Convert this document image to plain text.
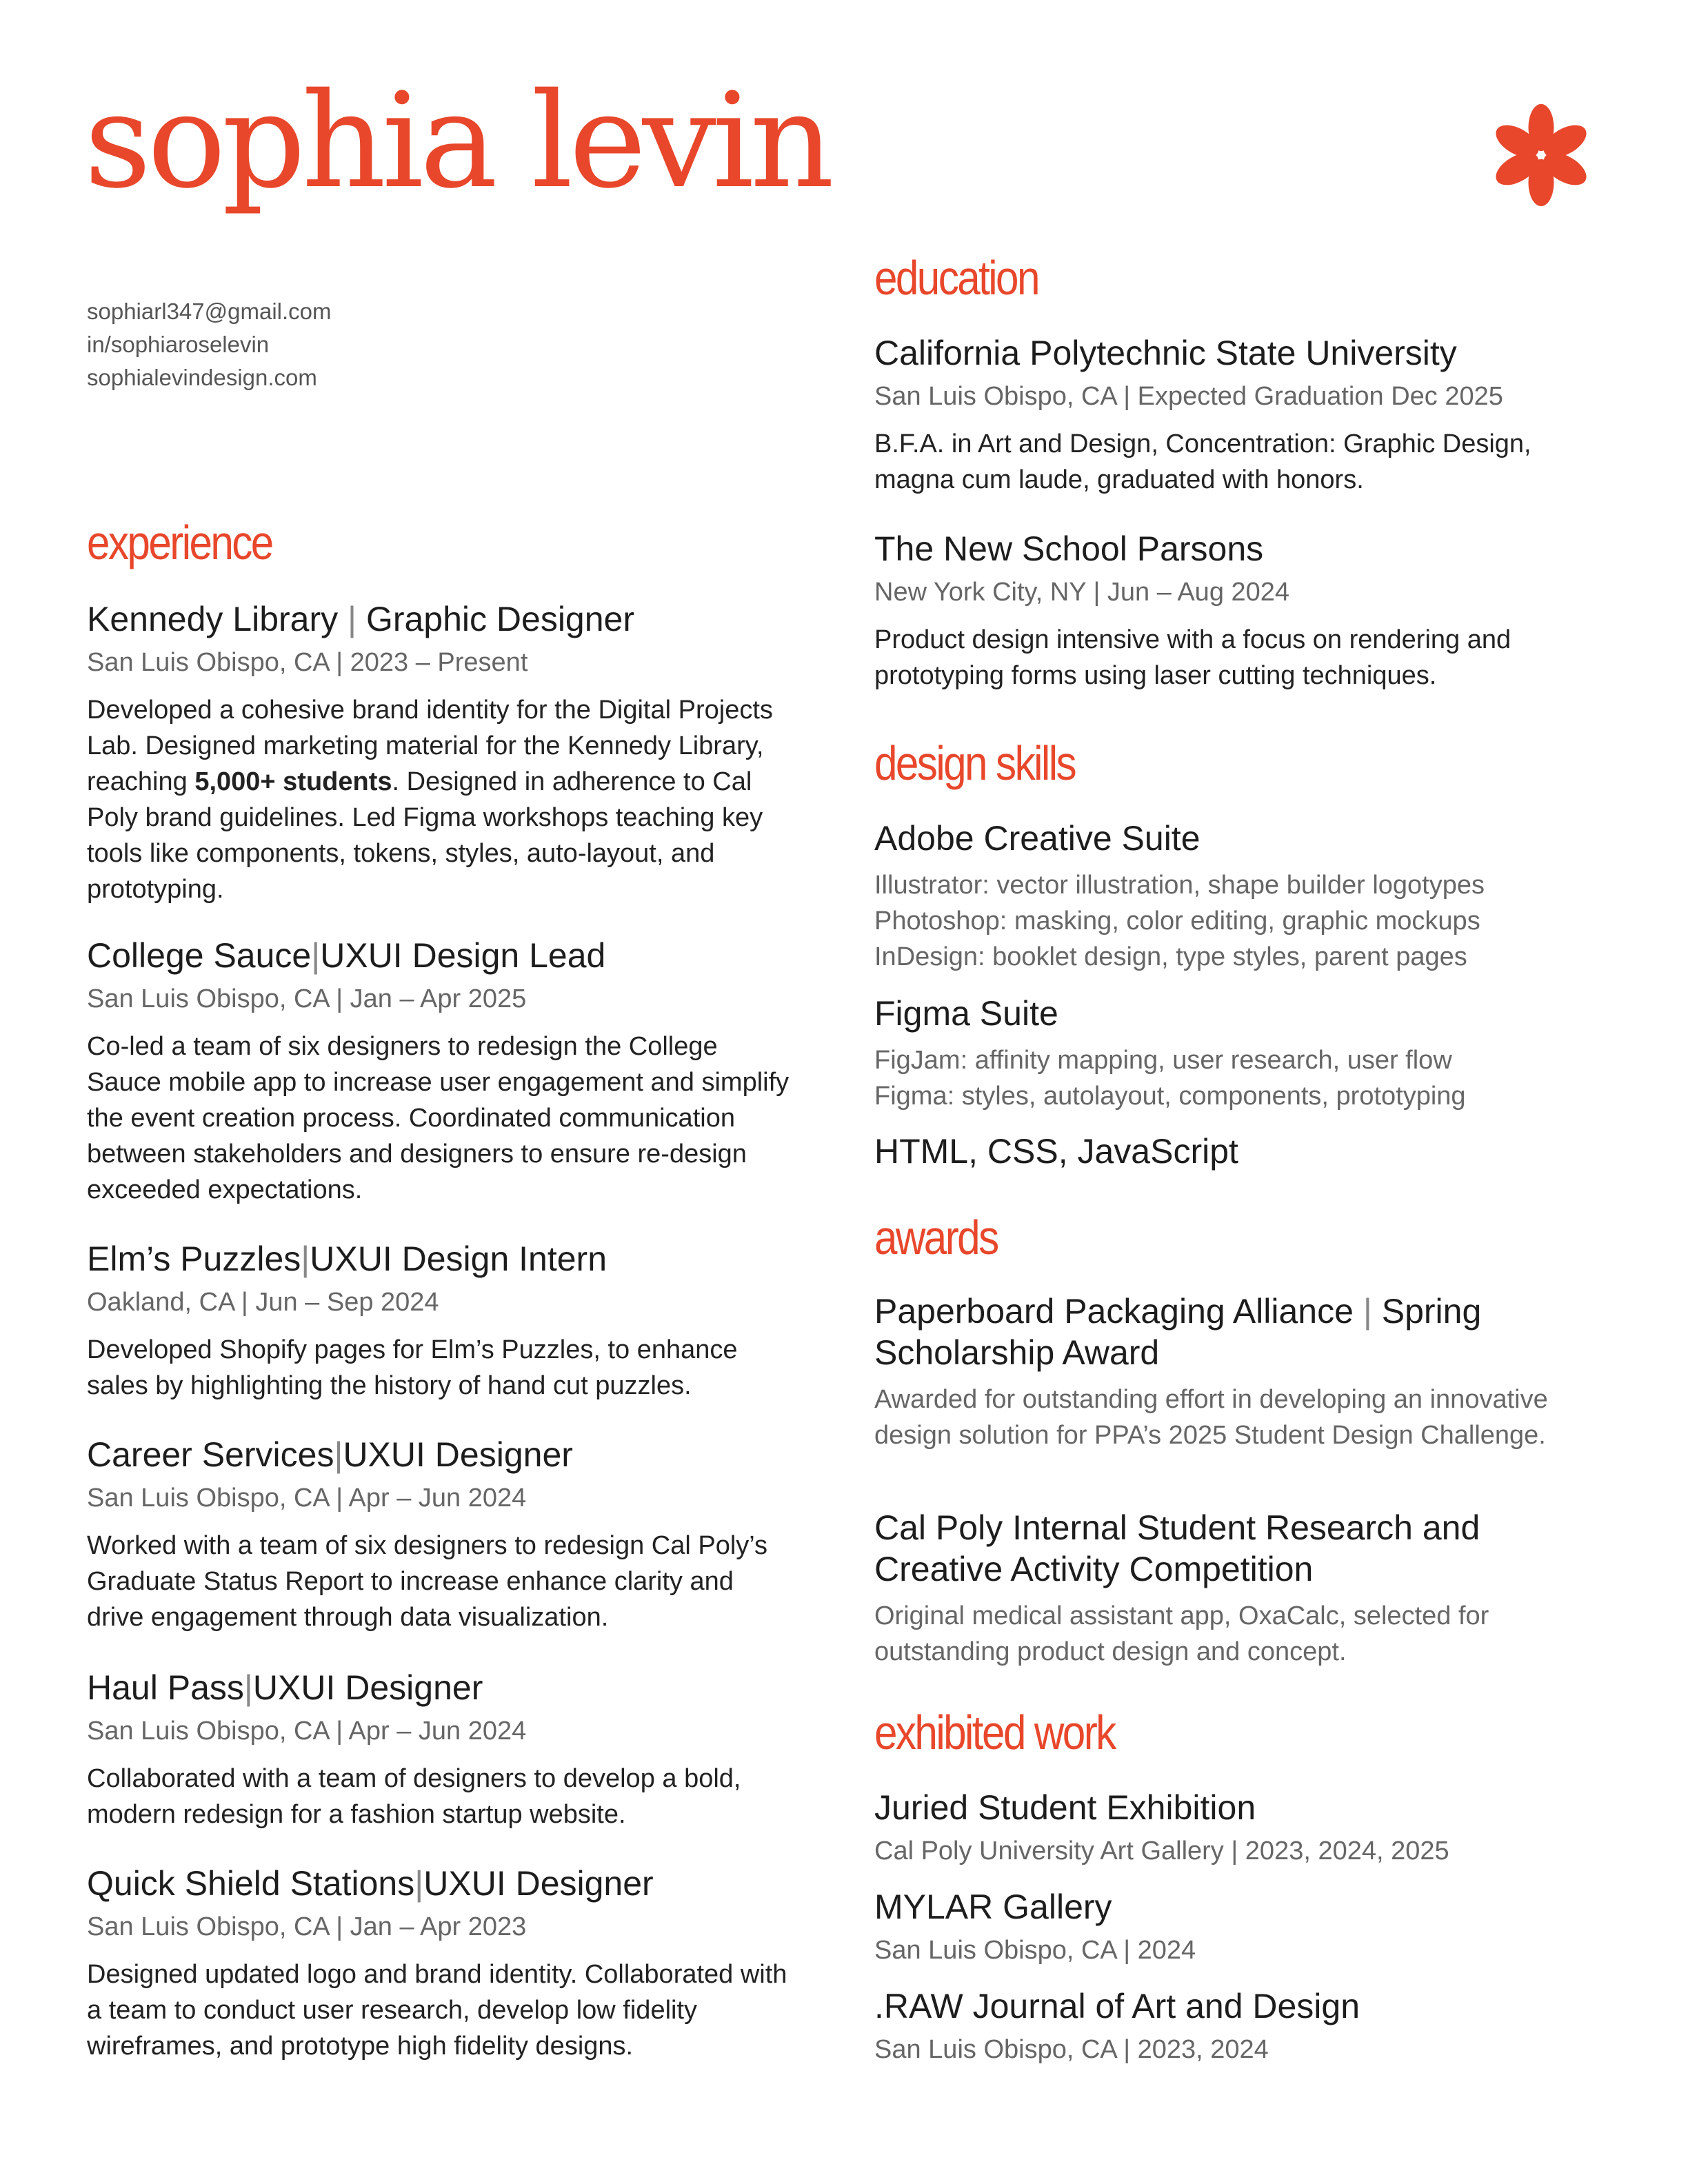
sophia levin
sophiarl347@gmail.com
in/sophiaroselevin
sophialevindesign.com
experience

Kennedy Library | Graphic Designer

San Luis Obispo, CA | 2023 – Present

Developed a cohesive brand identity for the Digital Projects Lab. Designed marketing material for the Kennedy Library, reaching 5,000+ students. Designed in adherence to Cal Poly brand guidelines. Led Figma workshops teaching key tools like components, tokens, styles, auto-layout, and prototyping.

College Sauce|UXUI Design Lead

San Luis Obispo, CA | Jan – Apr 2025

Co-led a team of six designers to redesign the College Sauce mobile app to increase user engagement and simplify the event creation process. Coordinated communication between stakeholders and designers to ensure re-design exceeded expectations.

Elm’s Puzzles|UXUI Design Intern

Oakland, CA | Jun – Sep 2024

Developed Shopify pages for Elm’s Puzzles, to enhance sales by highlighting the history of hand cut puzzles.

Career Services|UXUI Designer

San Luis Obispo, CA | Apr – Jun 2024

Worked with a team of six designers to redesign Cal Poly’s Graduate Status Report to increase enhance clarity and drive engagement through data visualization.

Haul Pass|UXUI Designer

San Luis Obispo, CA | Apr – Jun 2024

Collaborated with a team of designers to develop a bold, modern redesign for a fashion startup website.

Quick Shield Stations|UXUI Designer

San Luis Obispo, CA | Jan – Apr 2023

Designed updated logo and brand identity. Collaborated with a team to conduct user research, develop low fidelity wireframes, and prototype high fidelity designs.

education

California Polytechnic State University

San Luis Obispo, CA | Expected Graduation Dec 2025

B.F.A. in Art and Design, Concentration: Graphic Design, magna cum laude, graduated with honors.

The New School Parsons

New York City, NY | Jun – Aug 2024

Product design intensive with a focus on rendering and prototyping forms using laser cutting techniques.

design skills

Adobe Creative Suite

Illustrator: vector illustration, shape builder logotypes
Photoshop: masking, color editing, graphic mockups
InDesign: booklet design, type styles, parent pages

Figma Suite

FigJam: affinity mapping, user research, user flow
Figma: styles, autolayout, components, prototyping

HTML, CSS, JavaScript

awards

Paperboard Packaging Alliance | Spring Scholarship Award

Awarded for outstanding effort in developing an innovative design solution for PPA’s 2025 Student Design Challenge.

Cal Poly Internal Student Research and Creative Activity Competition

Original medical assistant app, OxaCalc, selected for outstanding product design and concept.

exhibited work

Juried Student Exhibition

Cal Poly University Art Gallery | 2023, 2024, 2025

MYLAR Gallery

San Luis Obispo, CA | 2024

.RAW Journal of Art and Design

San Luis Obispo, CA | 2023, 2024
